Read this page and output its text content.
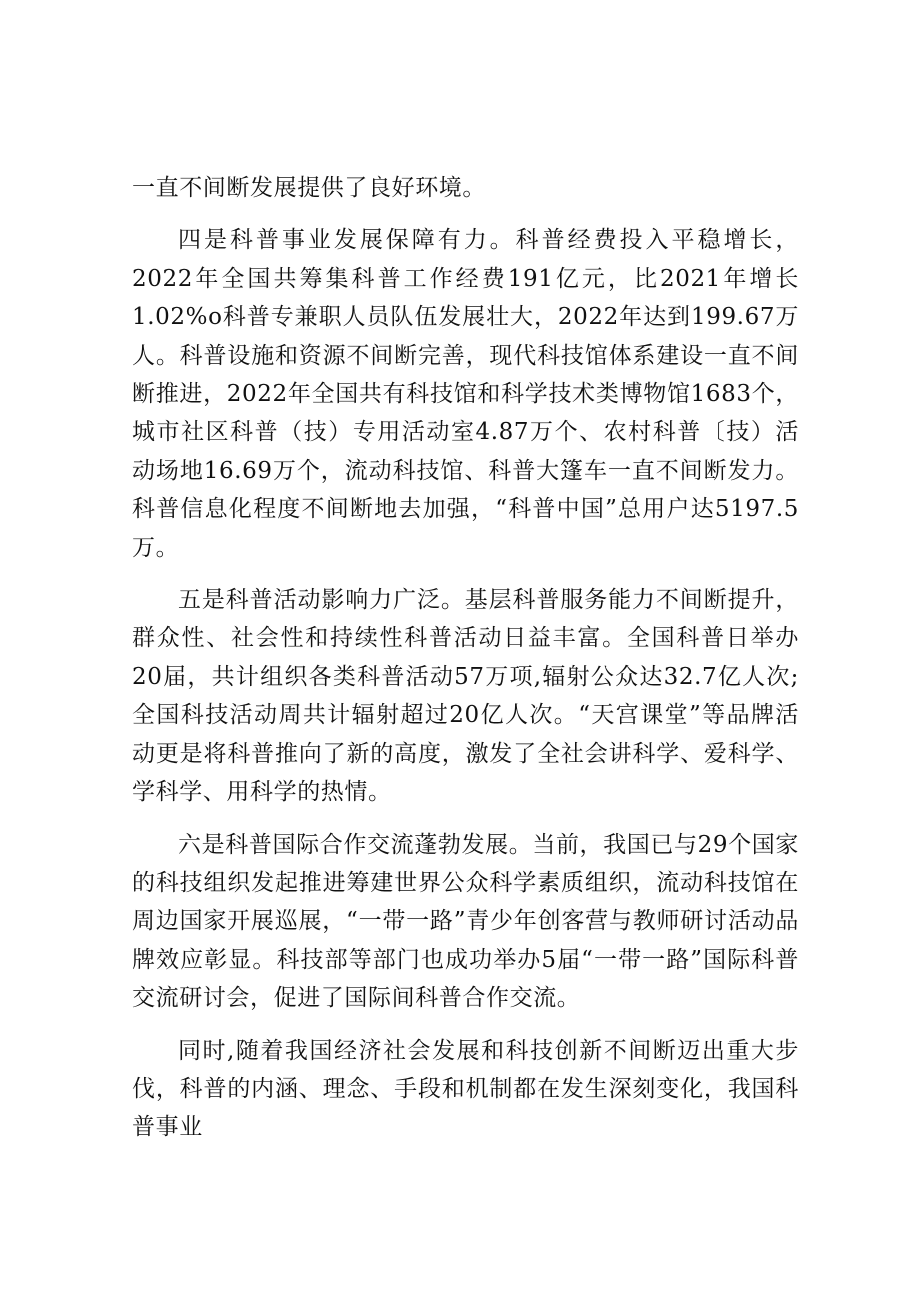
一直不间断发展提供了良好环境。

四是科普事业发展保障有力。科普经费投入平稳增长，2022年全国共筹集科普工作经费191亿元，比2021年增长1.02%o科普专兼职人员队伍发展壮大，2022年达到199.67万人。科普设施和资源不间断完善，现代科技馆体系建设一直不间断推进，2022年全国共有科技馆和科学技术类博物馆1683个，城市社区科普（技）专用活动室4.87万个、农村科普〔技）活动场地16.69万个，流动科技馆、科普大篷车一直不间断发力。科普信息化程度不间断地去加强，“科普中国”总用户达5197.5万。

五是科普活动影响力广泛。基层科普服务能力不间断提升，群众性、社会性和持续性科普活动日益丰富。全国科普日举办20届，共计组织各类科普活动57万项,辐射公众达32.7亿人次;全国科技活动周共计辐射超过20亿人次。“天宫课堂”等品牌活动更是将科普推向了新的高度，激发了全社会讲科学、爱科学、学科学、用科学的热情。

六是科普国际合作交流蓬勃发展。当前，我国已与29个国家的科技组织发起推进筹建世界公众科学素质组织，流动科技馆在周边国家开展巡展，“一带一路”青少年创客营与教师研讨活动品牌效应彰显。科技部等部门也成功举办5届“一带一路”国际科普交流研讨会，促进了国际间科普合作交流。

同时,随着我国经济社会发展和科技创新不间断迈出重大步伐，科普的内涵、理念、手段和机制都在发生深刻变化，我国科普事业
